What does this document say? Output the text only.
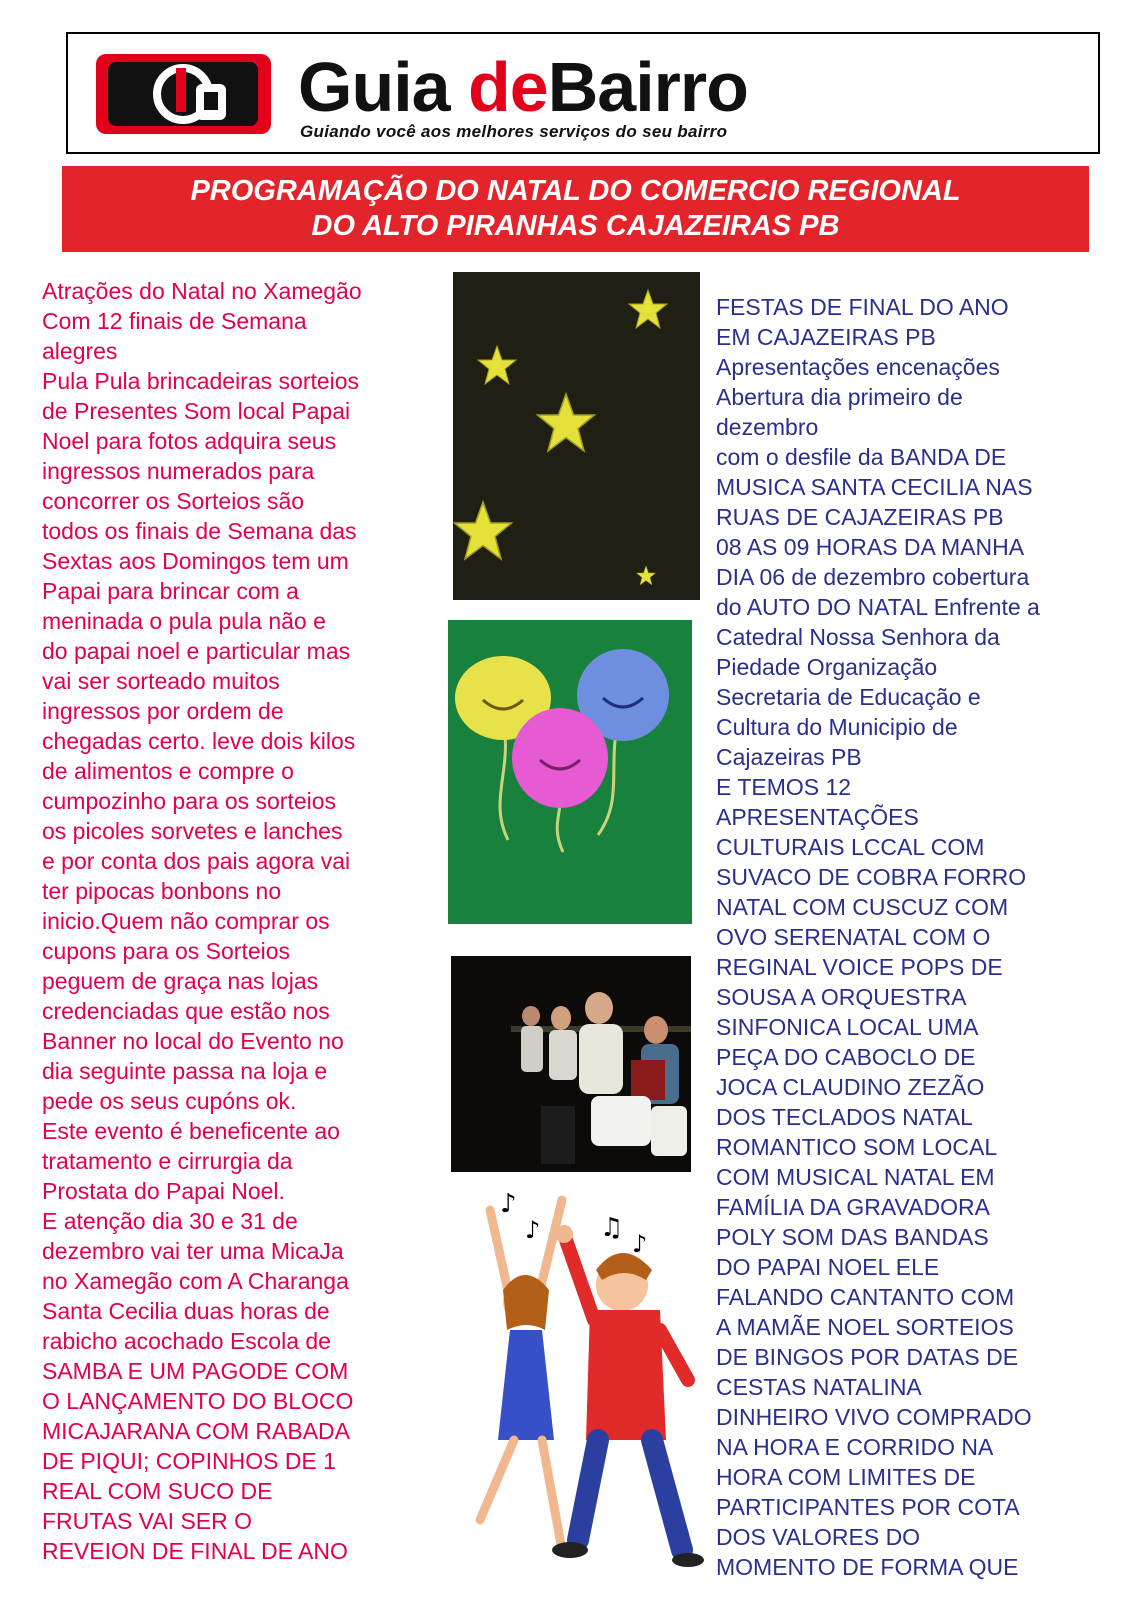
Guia deBairro
Guiando você aos melhores serviços do seu bairro
PROGRAMAÇÃO DO NATAL DO COMERCIO REGIONAL
DO ALTO PIRANHAS CAJAZEIRAS PB
Atrações do Natal no Xamegão
Com 12 finais de Semana
alegres
Pula Pula brincadeiras sorteios
de Presentes Som local Papai
Noel para fotos adquira seus
ingressos numerados para
concorrer os Sorteios são
todos os finais de Semana das
Sextas aos Domingos tem um
Papai para brincar com a
meninada o pula pula não e
do papai noel e particular mas
vai ser sorteado muitos
ingressos por ordem de
chegadas certo. leve dois kilos
de alimentos e compre o
cumpozinho para os sorteios
os picoles sorvetes e lanches
e por conta dos pais agora vai
ter pipocas bonbons no
inicio.Quem não comprar os
cupons para os Sorteios
peguem de graça nas lojas
credenciadas que estão nos
Banner no local do Evento no
dia seguinte passa na loja e
pede os seus cupóns ok.
Este evento é beneficente ao
tratamento e cirrurgia da
Prostata do Papai Noel.
E atenção dia 30 e 31 de
dezembro vai ter uma MicaJa
no Xamegão com A Charanga
Santa Cecilia duas horas de
rabicho acochado Escola de
SAMBA E UM PAGODE COM
O LANÇAMENTO DO BLOCO
MICAJARANA COM RABADA
DE PIQUI; COPINHOS DE 1
REAL COM SUCO DE
FRUTAS VAI SER O
REVEION DE FINAL DE ANO
♪
♪ ♫
♪
FESTAS DE FINAL DO ANO
EM CAJAZEIRAS PB
Apresentações encenações
Abertura dia primeiro de
dezembro
com o desfile da BANDA DE
MUSICA SANTA CECILIA NAS
RUAS DE CAJAZEIRAS PB
08 AS 09 HORAS DA MANHA
DIA 06 de dezembro cobertura
do AUTO DO NATAL Enfrente a
Catedral Nossa Senhora da
Piedade Organização
Secretaria de Educação e
Cultura do Municipio de
Cajazeiras PB
E TEMOS 12
APRESENTAÇÕES
CULTURAIS LCCAL COM
SUVACO DE COBRA FORRO
NATAL COM CUSCUZ COM
OVO SERENATAL COM O
REGINAL VOICE POPS DE
SOUSA A ORQUESTRA
SINFONICA LOCAL UMA
PEÇA DO CABOCLO DE
JOCA CLAUDINO ZEZÃO
DOS TECLADOS NATAL
ROMANTICO SOM LOCAL
COM MUSICAL NATAL EM
FAMÍLIA DA GRAVADORA
POLY SOM DAS BANDAS
DO PAPAI NOEL ELE
FALANDO CANTANTO COM
A MAMÃE NOEL SORTEIOS
DE BINGOS POR DATAS DE
CESTAS NATALINA
DINHEIRO VIVO COMPRADO
NA HORA E CORRIDO NA
HORA COM LIMITES DE
PARTICIPANTES POR COTA
DOS VALORES DO
MOMENTO DE FORMA QUE
